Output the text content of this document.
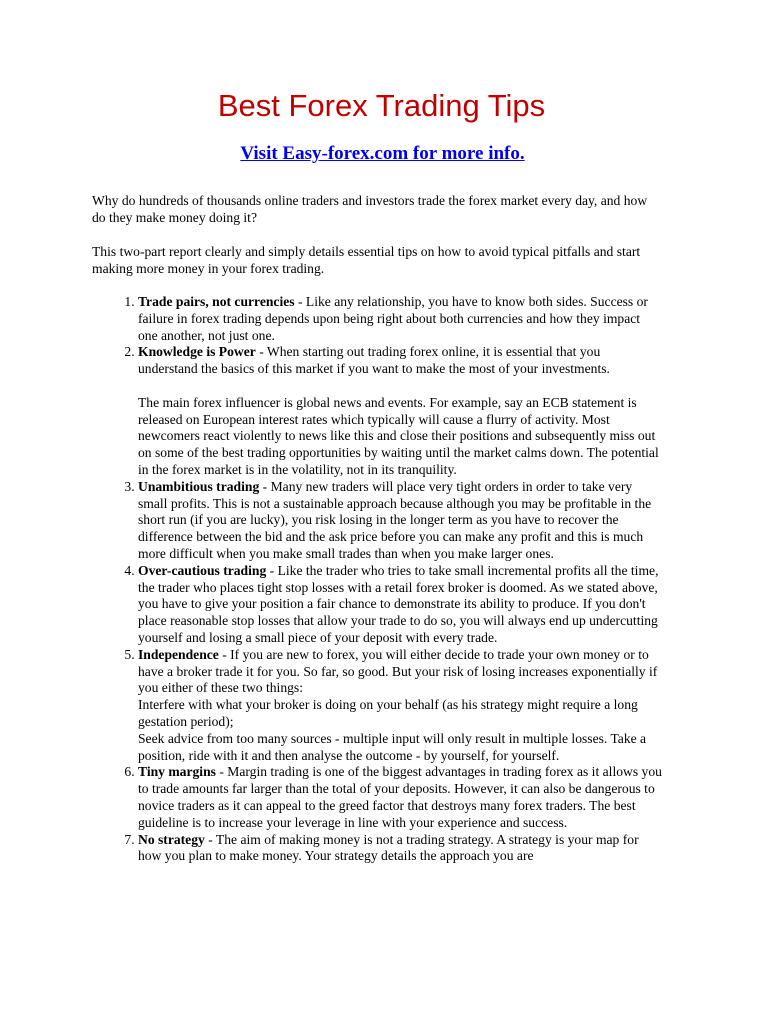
Best Forex Trading Tips
Visit Easy-forex.com for more info.

Why do hundreds of thousands online traders and investors trade the forex market every day, and how do they make money doing it?

This two-part report clearly and simply details essential tips on how to avoid typical pitfalls and start making more money in your forex trading.

1. Trade pairs, not currencies - Like any relationship, you have to know both sides. Success or failure in forex trading depends upon being right about both currencies and how they impact one another, not just one.
2. Knowledge is Power - When starting out trading forex online, it is essential that you understand the basics of this market if you want to make the most of your investments.
The main forex influencer is global news and events. For example, say an ECB statement is released on European interest rates which typically will cause a flurry of activity. Most newcomers react violently to news like this and close their positions and subsequently miss out on some of the best trading opportunities by waiting until the market calms down. The potential in the forex market is in the volatility, not in its tranquility.
3. Unambitious trading - Many new traders will place very tight orders in order to take very small profits. This is not a sustainable approach because although you may be profitable in the short run (if you are lucky), you risk losing in the longer term as you have to recover the difference between the bid and the ask price before you can make any profit and this is much more difficult when you make small trades than when you make larger ones.
4. Over-cautious trading - Like the trader who tries to take small incremental profits all the time, the trader who places tight stop losses with a retail forex broker is doomed. As we stated above, you have to give your position a fair chance to demonstrate its ability to produce. If you don't place reasonable stop losses that allow your trade to do so, you will always end up undercutting yourself and losing a small piece of your deposit with every trade.
5. Independence - If you are new to forex, you will either decide to trade your own money or to have a broker trade it for you. So far, so good. But your risk of losing increases exponentially if you either of these two things:
Interfere with what your broker is doing on your behalf (as his strategy might require a long gestation period);
Seek advice from too many sources - multiple input will only result in multiple losses. Take a position, ride with it and then analyse the outcome - by yourself, for yourself.
6. Tiny margins - Margin trading is one of the biggest advantages in trading forex as it allows you to trade amounts far larger than the total of your deposits. However, it can also be dangerous to novice traders as it can appeal to the greed factor that destroys many forex traders. The best guideline is to increase your leverage in line with your experience and success.
7. No strategy - The aim of making money is not a trading strategy. A strategy is your map for how you plan to make money. Your strategy details the approach you are
